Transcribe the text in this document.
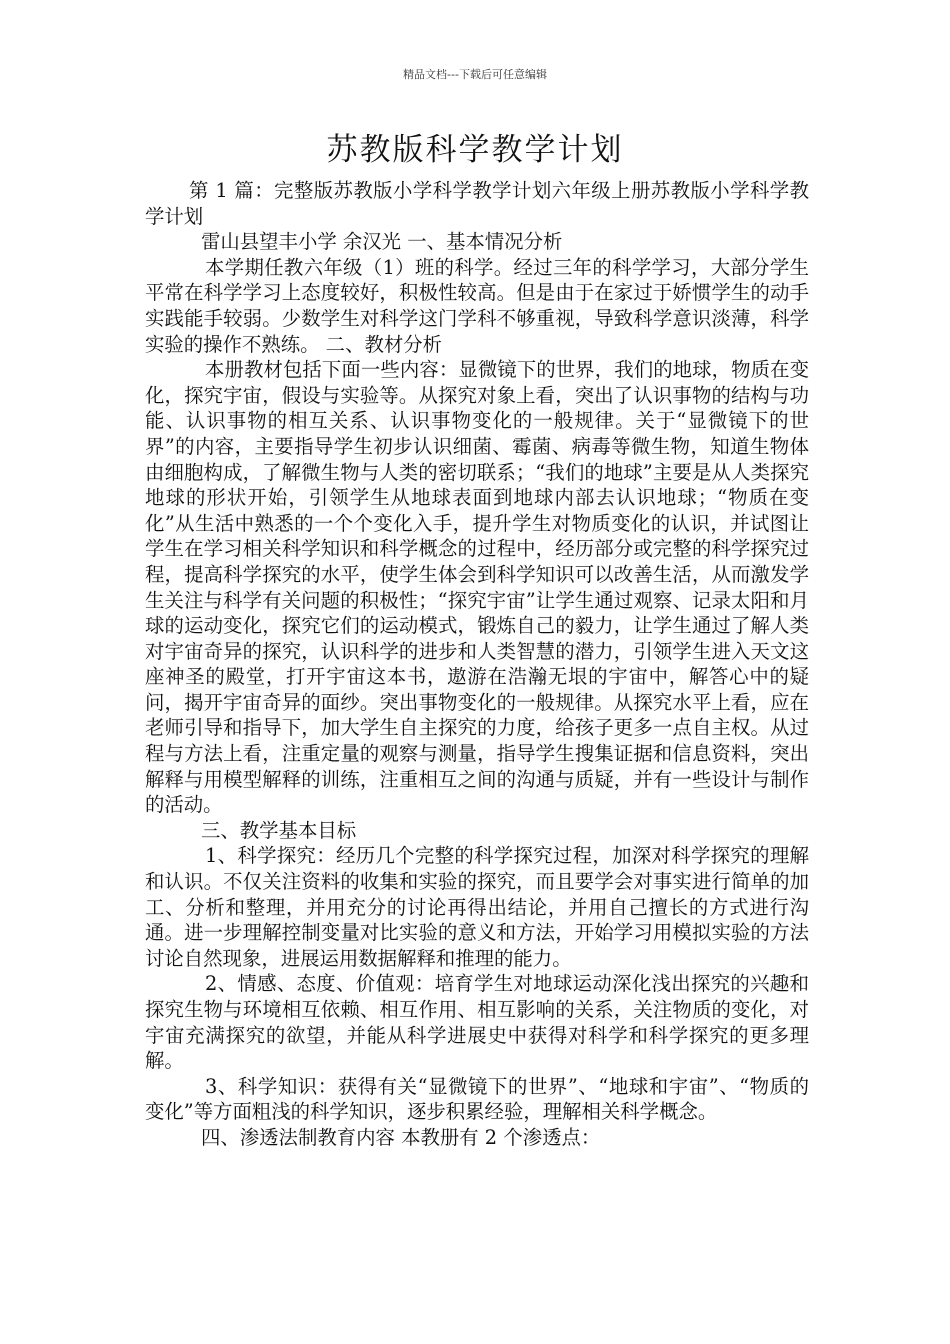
精品文档---下载后可任意编辑
苏教版科学教学计划

第 1 篇：完整版苏教版小学科学教学计划六年级上册苏教版小学科学教学计划

雷山县望丰小学 余汉光 一、基本情况分析

本学期任教六年级（1）班的科学。经过三年的科学学习，大部分学生平常在科学学习上态度较好，积极性较高。但是由于在家过于娇惯学生的动手实践能手较弱。少数学生对科学这门学科不够重视，导致科学意识淡薄，科学实验的操作不熟练。 二、教材分析

本册教材包括下面一些内容：显微镜下的世界，我们的地球，物质在变化，探究宇宙，假设与实验等。从探究对象上看，突出了认识事物的结构与功能、认识事物的相互关系、认识事物变化的一般规律。关于“显微镜下的世界”的内容，主要指导学生初步认识细菌、霉菌、病毒等微生物，知道生物体由细胞构成，了解微生物与人类的密切联系；“我们的地球”主要是从人类探究地球的形状开始，引领学生从地球表面到地球内部去认识地球；“物质在变化”从生活中熟悉的一个个变化入手，提升学生对物质变化的认识，并试图让学生在学习相关科学知识和科学概念的过程中，经历部分或完整的科学探究过程，提高科学探究的水平，使学生体会到科学知识可以改善生活，从而激发学生关注与科学有关问题的积极性；“探究宇宙”让学生通过观察、记录太阳和月球的运动变化，探究它们的运动模式，锻炼自己的毅力，让学生通过了解人类对宇宙奇异的探究，认识科学的进步和人类智慧的潜力，引领学生进入天文这座神圣的殿堂，打开宇宙这本书，遨游在浩瀚无垠的宇宙中，解答心中的疑问，揭开宇宙奇异的面纱。突出事物变化的一般规律。从探究水平上看，应在老师引导和指导下，加大学生自主探究的力度，给孩子更多一点自主权。从过程与方法上看，注重定量的观察与测量，指导学生搜集证据和信息资料，突出解释与用模型解释的训练，注重相互之间的沟通与质疑，并有一些设计与制作的活动。

三、教学基本目标

1、科学探究：经历几个完整的科学探究过程，加深对科学探究的理解和认识。不仅关注资料的收集和实验的探究，而且要学会对事实进行简单的加工、分析和整理，并用充分的讨论再得出结论，并用自己擅长的方式进行沟通。进一步理解控制变量对比实验的意义和方法，开始学习用模拟实验的方法讨论自然现象，进展运用数据解释和推理的能力。

2、情感、态度、价值观：培育学生对地球运动深化浅出探究的兴趣和探究生物与环境相互依赖、相互作用、相互影响的关系，关注物质的变化，对宇宙充满探究的欲望，并能从科学进展史中获得对科学和科学探究的更多理解。

3、科学知识：获得有关“显微镜下的世界”、“地球和宇宙”、“物质的变化”等方面粗浅的科学知识，逐步积累经验，理解相关科学概念。

四、渗透法制教育内容 本教册有 2 个渗透点：
